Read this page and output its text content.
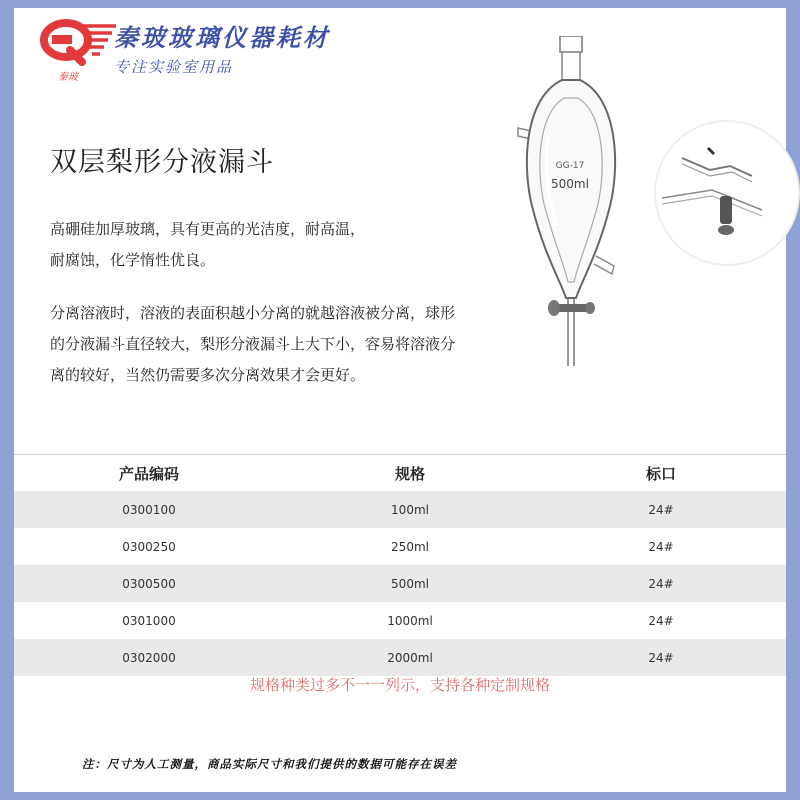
秦玻
秦玻玻璃仪器耗材
专注实验室用品
双层梨形分液漏斗
高硼硅加厚玻璃，具有更高的光洁度，耐高温，
耐腐蚀，化学惰性优良。
分离溶液时，溶液的表面积越小分离的就越溶液被分离，球形
的分液漏斗直径较大，梨形分液漏斗上大下小，容易将溶液分
离的较好，当然仍需要多次分离效果才会更好。
GG-17
500ml
产品编码	规格	标口
0300100	100ml	24#
0300250	250ml	24#
0300500	500ml	24#
0301000	1000ml	24#
0302000	2000ml	24#
规格种类过多不一一列示，支持各种定制规格
注：尺寸为人工测量，商品实际尺寸和我们提供的数据可能存在误差
